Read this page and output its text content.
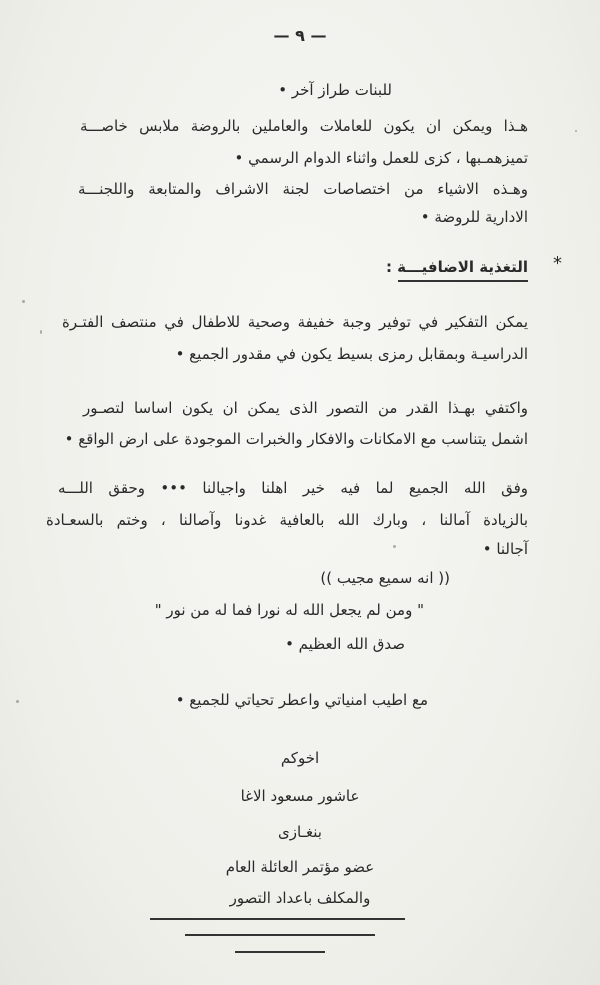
— ٩ —
للبنات طراز آخر •
هـذا ويمكن ان يكون للعاملات والعاملين بالروضة ملابس خاصـــة
تميزهمـبها ، كزى للعمل واثناء الدوام الرسمي •
وهـذه الاشياء من اختصاصات لجنة الاشراف والمتابعة واللجنـــة
الادارية للروضة •
*
التغذية الاضافيـــة :
يمكن التفكير في توفير وجبة خفيفة وصحية للاطفال في منتصف الفتـرة
الدراسيـة وبمقابل رمزى بسيط يكون في مقدور الجميع •
واكتفي بهـذا القدر من التصور الذى يمكن ان يكون اساسا لتصـور
اشمل يتناسب مع الامكانات والافكار والخبرات الموجودة على ارض الواقع •
وفق الله الجميع لما فيه خير اهلنا واجيالنا ••• وحقق اللـــه
بالزيادة آمالنا ، وبارك الله بالعافية غدونا وآصالنا ، وختم بالسعـادة
آجالنا •
(( انه سميع مجيب ))
" ومن لم يجعل الله له نورا فما له من نور "
صدق الله العظيم •
مع اطيب امنياتي واعطر تحياتي للجميع •
اخوكم
عاشور مسعود الاغا
بنغـازى
عضو مؤتمر العائلة العام
والمكلف باعداد التصور
